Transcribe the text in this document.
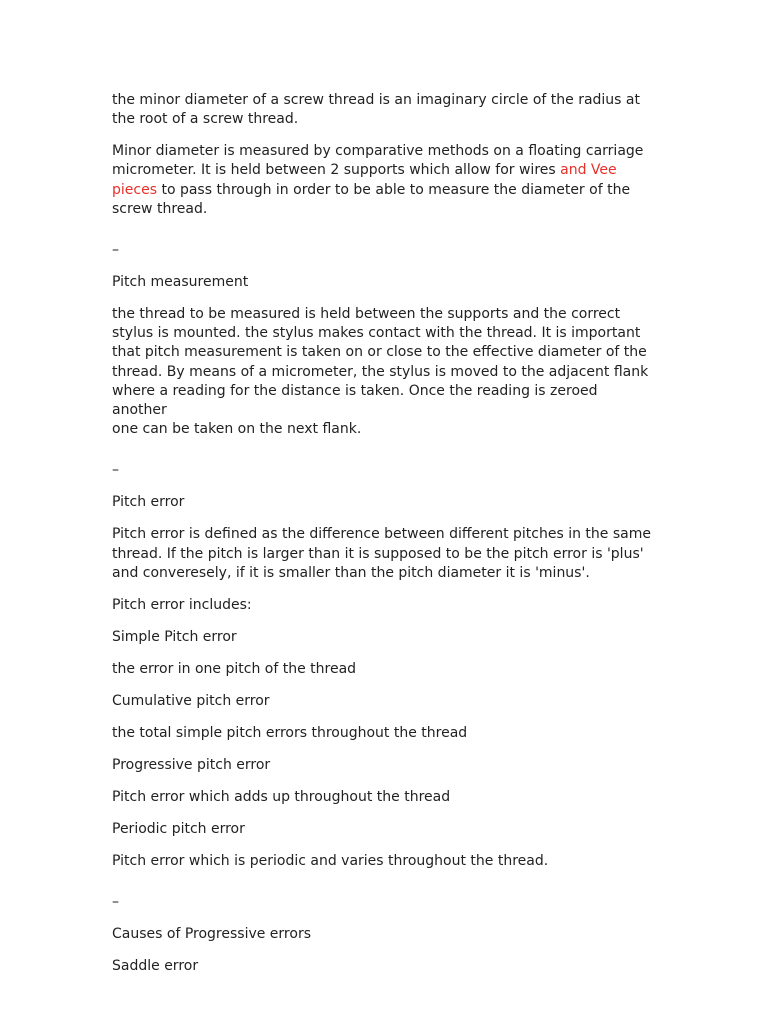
the minor diameter of a screw thread is an imaginary circle of the radius at
the root of a screw thread.

Minor diameter is measured by comparative methods on a floating carriage
micrometer. It is held between 2 supports which allow for wires and Vee
pieces to pass through in order to be able to measure the diameter of the
screw thread.

–

Pitch measurement

the thread to be measured is held between the supports and the correct
stylus is mounted. the stylus makes contact with the thread. It is important
that pitch measurement is taken on or close to the effective diameter of the
thread. By means of a micrometer, the stylus is moved to the adjacent flank
where a reading for the distance is taken. Once the reading is zeroed another
one can be taken on the next flank.

–

Pitch error

Pitch error is defined as the difference between different pitches in the same
thread. If the pitch is larger than it is supposed to be the pitch error is 'plus'
and converesely, if it is smaller than the pitch diameter it is 'minus'.

Pitch error includes:

Simple Pitch error

the error in one pitch of the thread

Cumulative pitch error

the total simple pitch errors throughout the thread

Progressive pitch error

Pitch error which adds up throughout the thread

Periodic pitch error

Pitch error which is periodic and varies throughout the thread.

–

Causes of Progressive errors

Saddle error
